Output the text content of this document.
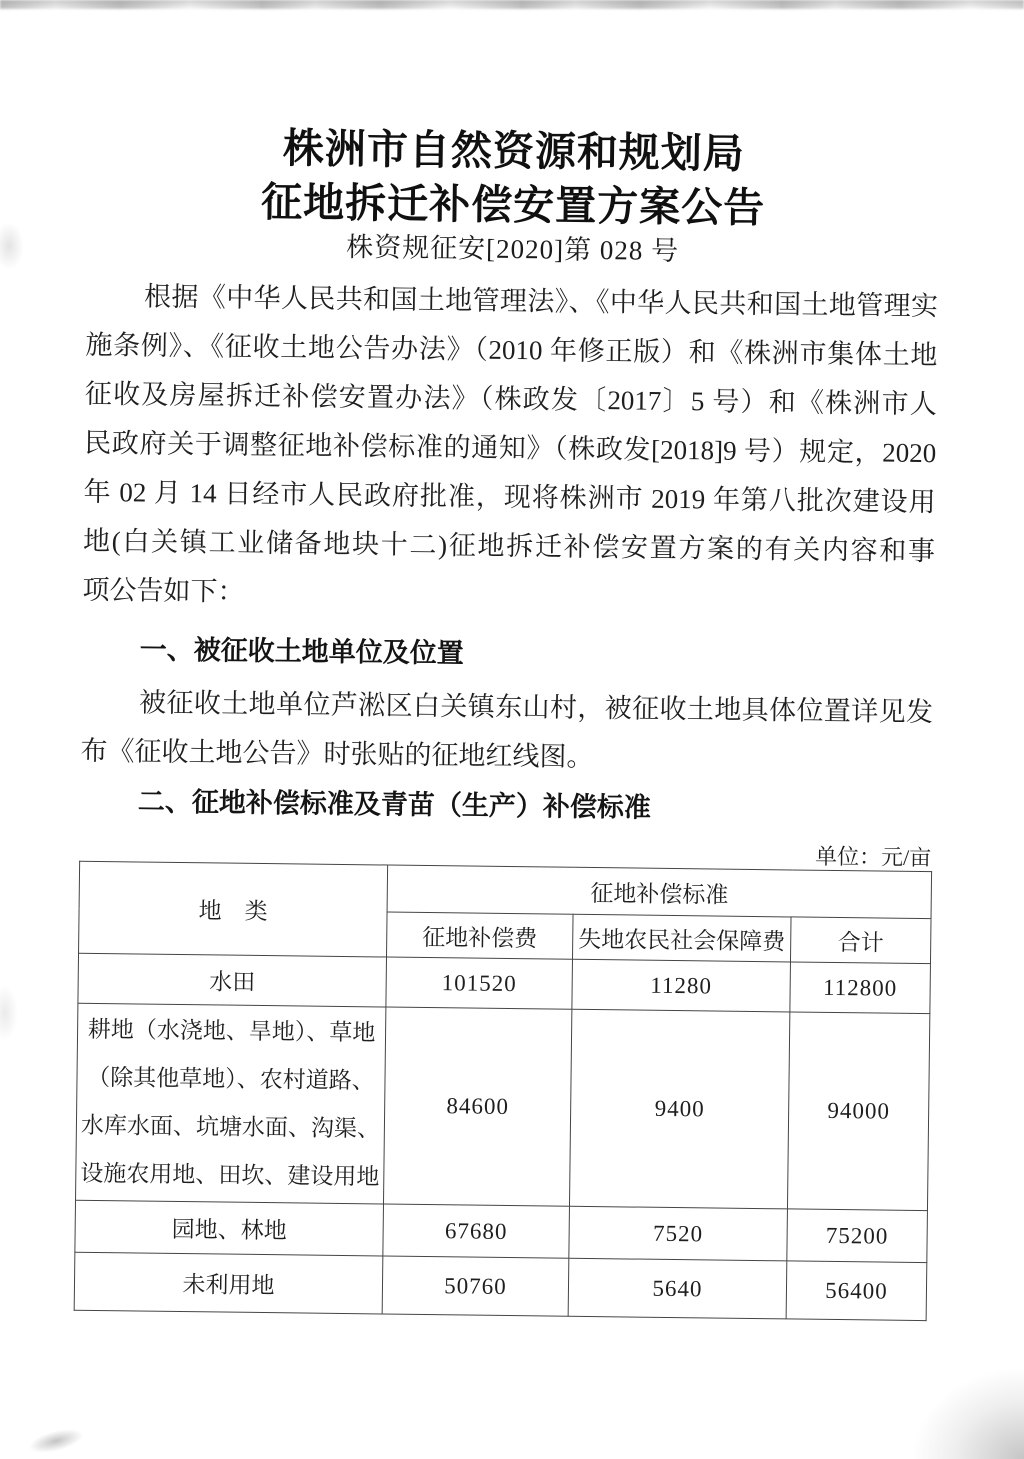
株洲市自然资源和规划局
征地拆迁补偿安置方案公告
株资规征安[2020]第 028 号
根据《中华人民共和国土地管理法》、《中华人民共和国土地管理实
施条例》、《征收土地公告办法》（2010 年修正版）和《株洲市集体土地
征收及房屋拆迁补偿安置办法》（株政发〔2017〕5 号）和《株洲市人
民政府关于调整征地补偿标准的通知》（株政发[2018]9 号）规定，2020
年 02 月 14 日经市人民政府批准，现将株洲市 2019 年第八批次建设用
地(白关镇工业储备地块十二)征地拆迁补偿安置方案的有关内容和事
项公告如下：
一、被征收土地单位及位置
被征收土地单位芦淞区白关镇东山村，被征收土地具体位置详见发
布《征收土地公告》时张贴的征地红线图。
二、征地补偿标准及青苗（生产）补偿标准
单位：元/亩
地　类	征地补偿标准		
	征地补偿费	失地农民社会保障费	合计
水田	101520	11280	112800
耕地（水浇地、旱地）、草地（除其他草地）、农村道路、水库水面、坑塘水面、沟渠、设施农用地、田坎、建设用地	84600	9400	94000
园地、林地	67680	7520	75200
未利用地	50760	5640	56400
